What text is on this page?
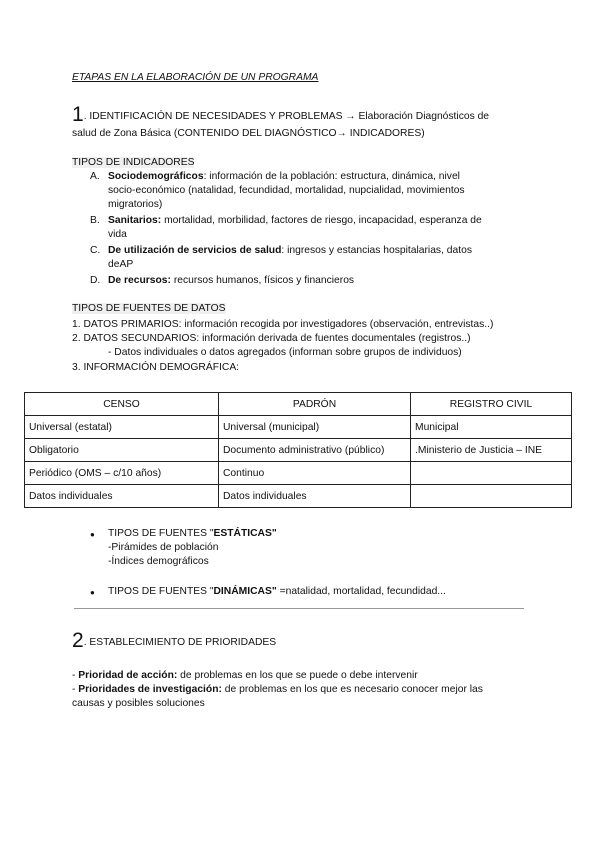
ETAPAS EN LA ELABORACIÓN DE UN PROGRAMA
1. IDENTIFICACIÓN DE NECESIDADES Y PROBLEMAS → Elaboración Diagnósticos de
salud de Zona Básica (CONTENIDO DEL DIAGNÓSTICO→ INDICADORES)
TIPOS DE INDICADORES
A. Sociodemográficos: información de la población: estructura, dinámica, nivel
socio-económico (natalidad, fecundidad, mortalidad, nupcialidad, movimientos
migratorios)
B. Sanitarios: mortalidad, morbilidad, factores de riesgo, incapacidad, esperanza de
vida
C. De utilización de servicios de salud: ingresos y estancias hospitalarias, datos
deAP
D. De recursos: recursos humanos, físicos y financieros
TIPOS DE FUENTES DE DATOS
1. DATOS PRIMARIOS: información recogida por investigadores (observación, entrevistas..)
2. DATOS SECUNDARIOS: información derivada de fuentes documentales (registros..)
- Datos individuales o datos agregados (informan sobre grupos de individuos)
3. INFORMACIÓN DEMOGRÁFICA:
CENSO	PADRÓN	REGISTRO CIVIL
Universal (estatal)	Universal (municipal)	Municipal
Obligatorio	Documento administrativo (público)	.Ministerio de Justicia – INE
Periódico (OMS – c/10 años)	Continuo	
Datos individuales	Datos individuales	
● TIPOS DE FUENTES "ESTÁTICAS"
-Pirámides de población
-Índices demográficos
● TIPOS DE FUENTES "DINÁMICAS" =natalidad, mortalidad, fecundidad...
2. ESTABLECIMIENTO DE PRIORIDADES
- Prioridad de acción: de problemas en los que se puede o debe intervenir
- Prioridades de investigación: de problemas en los que es necesario conocer mejor las
causas y posibles soluciones
